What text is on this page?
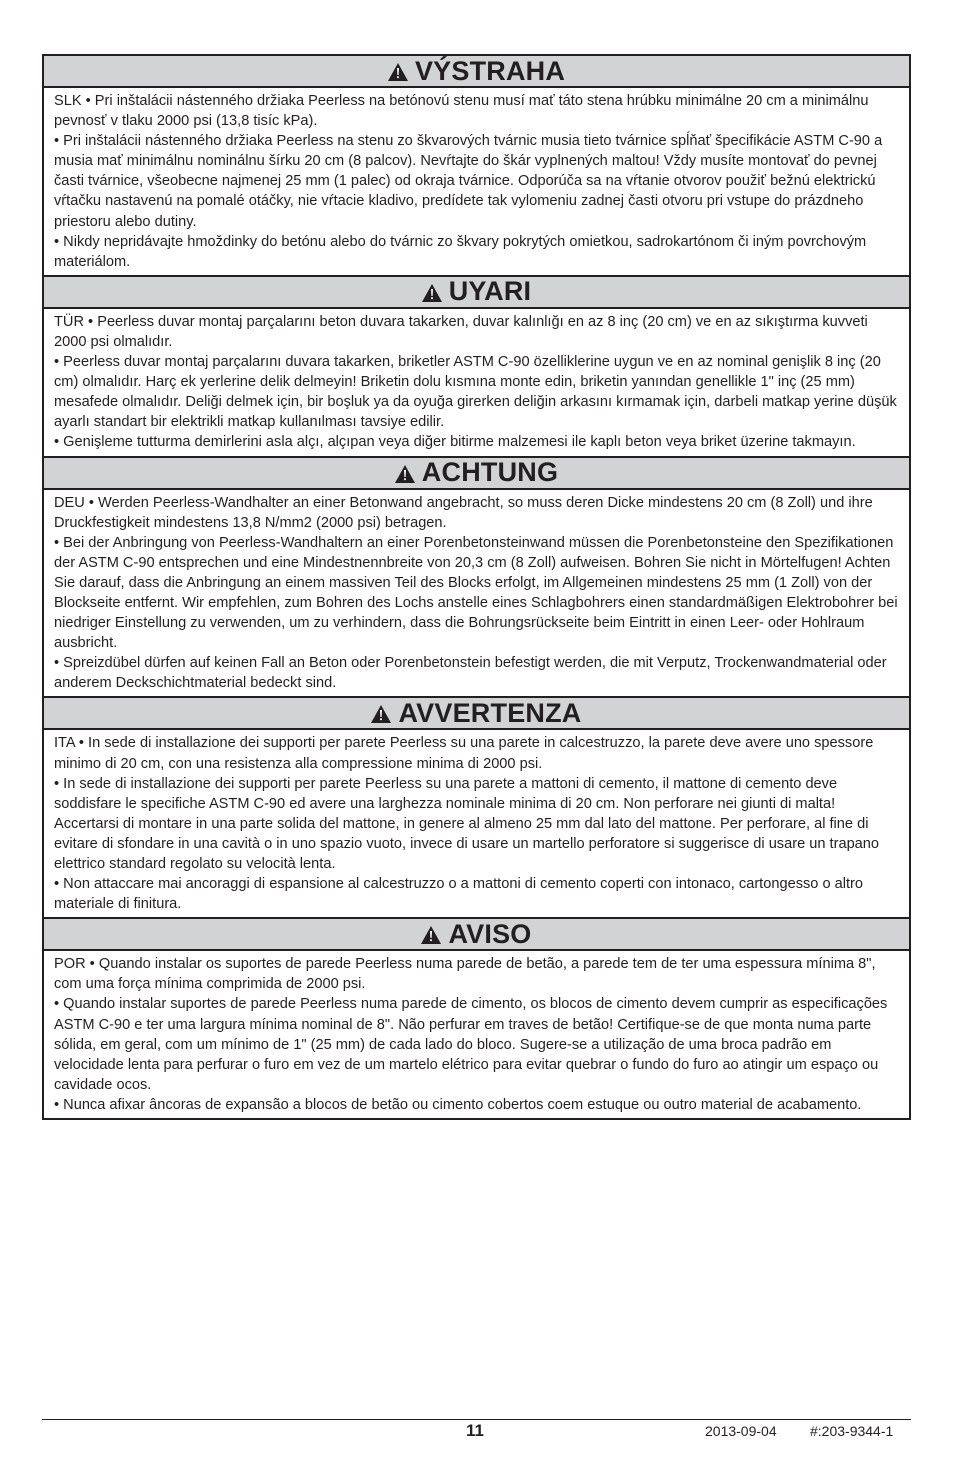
VÝSTRAHA

SLK • Pri inštalácii nástenného držiaka Peerless na betónovú stenu musí mať táto stena hrúbku minimálne 20 cm a minimálnu pevnosť v tlaku 2000 psi (13,8 tisíc kPa).

• Pri inštalácii nástenného držiaka Peerless na stenu zo škvarových tvárnic musia tieto tvárnice spĺňať špecifikácie ASTM C-90 a musia mať minimálnu nominálnu šírku 20 cm (8 palcov). Nevŕtajte do škár vyplnených maltou! Vždy musíte montovať do pevnej časti tvárnice, všeobecne najmenej 25 mm (1 palec) od okraja tvárnice. Odporúča sa na vŕtanie otvorov použiť bežnú elektrickú vŕtačku nastavenú na pomalé otáčky, nie vŕtacie kladivo, predídete tak vylomeniu zadnej časti otvoru pri vstupe do prázdneho priestoru alebo dutiny.

• Nikdy nepridávajte hmoždinky do betónu alebo do tvárnic zo škvary pokrytých omietkou, sadrokartónom či iným povrchovým materiálom.

UYARI

TÜR • Peerless duvar montaj parçalarını beton duvara takarken, duvar kalınlığı en az 8 inç (20 cm) ve en az sıkıştırma kuvveti 2000 psi olmalıdır.

• Peerless duvar montaj parçalarını duvara takarken, briketler ASTM C-90 özelliklerine uygun ve en az nominal genişlik 8 inç (20 cm) olmalıdır. Harç ek yerlerine delik delmeyin! Briketin dolu kısmına monte edin, briketin yanından genellikle 1" inç (25 mm) mesafede olmalıdır. Deliği delmek için, bir boşluk ya da oyuğa girerken deliğin arkasını kırmamak için, darbeli matkap yerine düşük ayarlı standart bir elektrikli matkap kullanılması tavsiye edilir.

• Genişleme tutturma demirlerini asla alçı, alçıpan veya diğer bitirme malzemesi ile kaplı beton veya briket üzerine takmayın.

ACHTUNG

DEU • Werden Peerless-Wandhalter an einer Betonwand angebracht, so muss deren Dicke mindestens 20 cm (8 Zoll) und ihre Druckfestigkeit mindestens 13,8 N/mm2 (2000 psi) betragen.

• Bei der Anbringung von Peerless-Wandhaltern an einer Porenbetonsteinwand müssen die Porenbetonsteine den Spezifikationen der ASTM C-90 entsprechen und eine Mindestnennbreite von 20,3 cm (8 Zoll) aufweisen. Bohren Sie nicht in Mörtelfugen! Achten Sie darauf, dass die Anbringung an einem massiven Teil des Blocks erfolgt, im Allgemeinen mindestens 25 mm (1 Zoll) von der Blockseite entfernt. Wir empfehlen, zum Bohren des Lochs anstelle eines Schlagbohrers einen standardmäßigen Elektrobohrer bei niedriger Einstellung zu verwenden, um zu verhindern, dass die Bohrungsrückseite beim Eintritt in einen Leer- oder Hohlraum ausbricht.

• Spreizdübel dürfen auf keinen Fall an Beton oder Porenbetonstein befestigt werden, die mit Verputz, Trockenwandmaterial oder anderem Deckschichtmaterial bedeckt sind.

AVVERTENZA

ITA • In sede di installazione dei supporti per parete Peerless su una parete in calcestruzzo, la parete deve avere uno spessore minimo di 20 cm, con una resistenza alla compressione minima di 2000 psi.

• In sede di installazione dei supporti per parete Peerless su una parete a mattoni di cemento, il mattone di cemento deve soddisfare le specifiche ASTM C-90 ed avere una larghezza nominale minima di 20 cm. Non perforare nei giunti di malta! Accertarsi di montare in una parte solida del mattone, in genere al almeno 25 mm dal lato del mattone. Per perforare, al fine di evitare di sfondare in una cavità o in uno spazio vuoto, invece di usare un martello perforatore si suggerisce di usare un trapano elettrico standard regolato su velocità lenta.

• Non attaccare mai ancoraggi di espansione al calcestruzzo o a mattoni di cemento coperti con intonaco, cartongesso o altro materiale di finitura.

AVISO

POR • Quando instalar os suportes de parede Peerless numa parede de betão, a parede tem de ter uma espessura mínima 8", com uma força mínima comprimida de 2000 psi.

• Quando instalar suportes de parede Peerless numa parede de cimento, os blocos de cimento devem cumprir as especificações ASTM C-90 e ter uma largura mínima nominal de 8". Não perfurar em traves de betão! Certifique-se de que monta numa parte sólida, em geral, com um mínimo de 1" (25 mm) de cada lado do bloco. Sugere-se a utilização de uma broca padrão em velocidade lenta para perfurar o furo em vez de um martelo elétrico para evitar quebrar o fundo do furo ao atingir um espaço ou cavidade ocos.

• Nunca afixar âncoras de expansão a blocos de betão ou cimento cobertos coem estuque ou outro material de acabamento.

11	2013-09-04 #:203-9344-1
